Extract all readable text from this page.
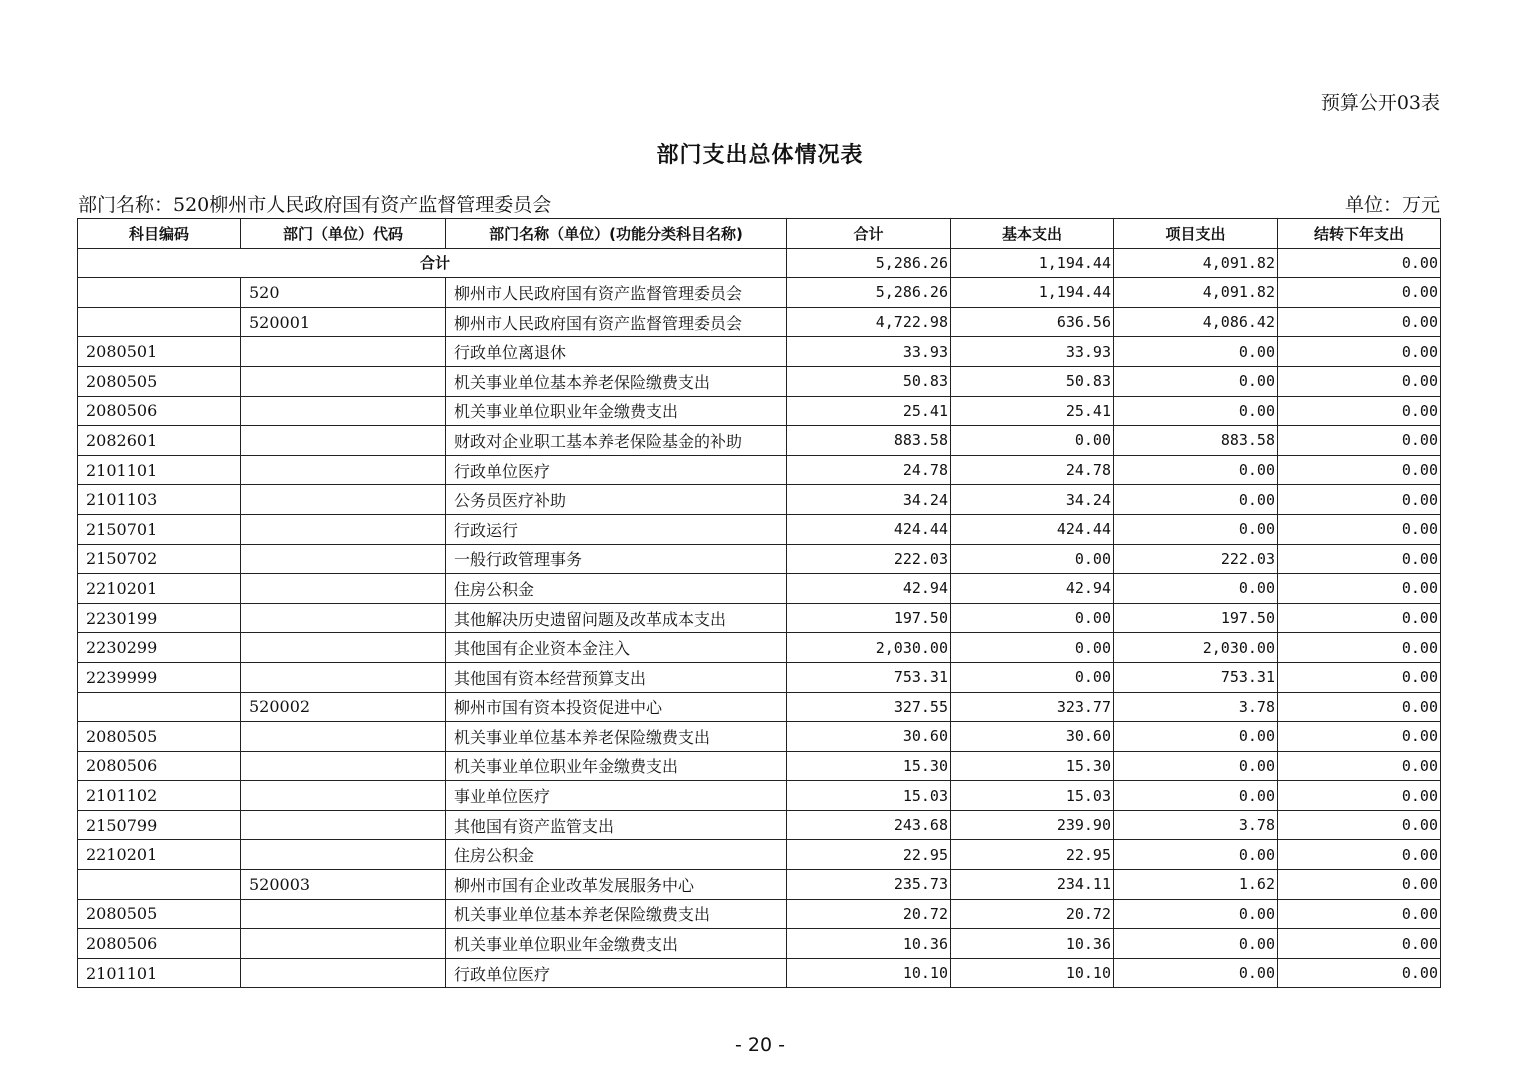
预算公开03表
部门支出总体情况表
部门名称：520柳州市人民政府国有资产监督管理委员会	单位：万元
科目编码	部门（单位）代码	部门名称（单位）(功能分类科目名称)	合计	基本支出	项目支出	结转下年支出
合计			5,286.26	1,194.44	4,091.82	0.00
	520	柳州市人民政府国有资产监督管理委员会	5,286.26	1,194.44	4,091.82	0.00
	520001	柳州市人民政府国有资产监督管理委员会	4,722.98	636.56	4,086.42	0.00
2080501		行政单位离退休	33.93	33.93	0.00	0.00
2080505		机关事业单位基本养老保险缴费支出	50.83	50.83	0.00	0.00
2080506		机关事业单位职业年金缴费支出	25.41	25.41	0.00	0.00
2082601		财政对企业职工基本养老保险基金的补助	883.58	0.00	883.58	0.00
2101101		行政单位医疗	24.78	24.78	0.00	0.00
2101103		公务员医疗补助	34.24	34.24	0.00	0.00
2150701		行政运行	424.44	424.44	0.00	0.00
2150702		一般行政管理事务	222.03	0.00	222.03	0.00
2210201		住房公积金	42.94	42.94	0.00	0.00
2230199		其他解决历史遗留问题及改革成本支出	197.50	0.00	197.50	0.00
2230299		其他国有企业资本金注入	2,030.00	0.00	2,030.00	0.00
2239999		其他国有资本经营预算支出	753.31	0.00	753.31	0.00
	520002	柳州市国有资本投资促进中心	327.55	323.77	3.78	0.00
2080505		机关事业单位基本养老保险缴费支出	30.60	30.60	0.00	0.00
2080506		机关事业单位职业年金缴费支出	15.30	15.30	0.00	0.00
2101102		事业单位医疗	15.03	15.03	0.00	0.00
2150799		其他国有资产监管支出	243.68	239.90	3.78	0.00
2210201		住房公积金	22.95	22.95	0.00	0.00
	520003	柳州市国有企业改革发展服务中心	235.73	234.11	1.62	0.00
2080505		机关事业单位基本养老保险缴费支出	20.72	20.72	0.00	0.00
2080506		机关事业单位职业年金缴费支出	10.36	10.36	0.00	0.00
2101101		行政单位医疗	10.10	10.10	0.00	0.00
- 20 -
